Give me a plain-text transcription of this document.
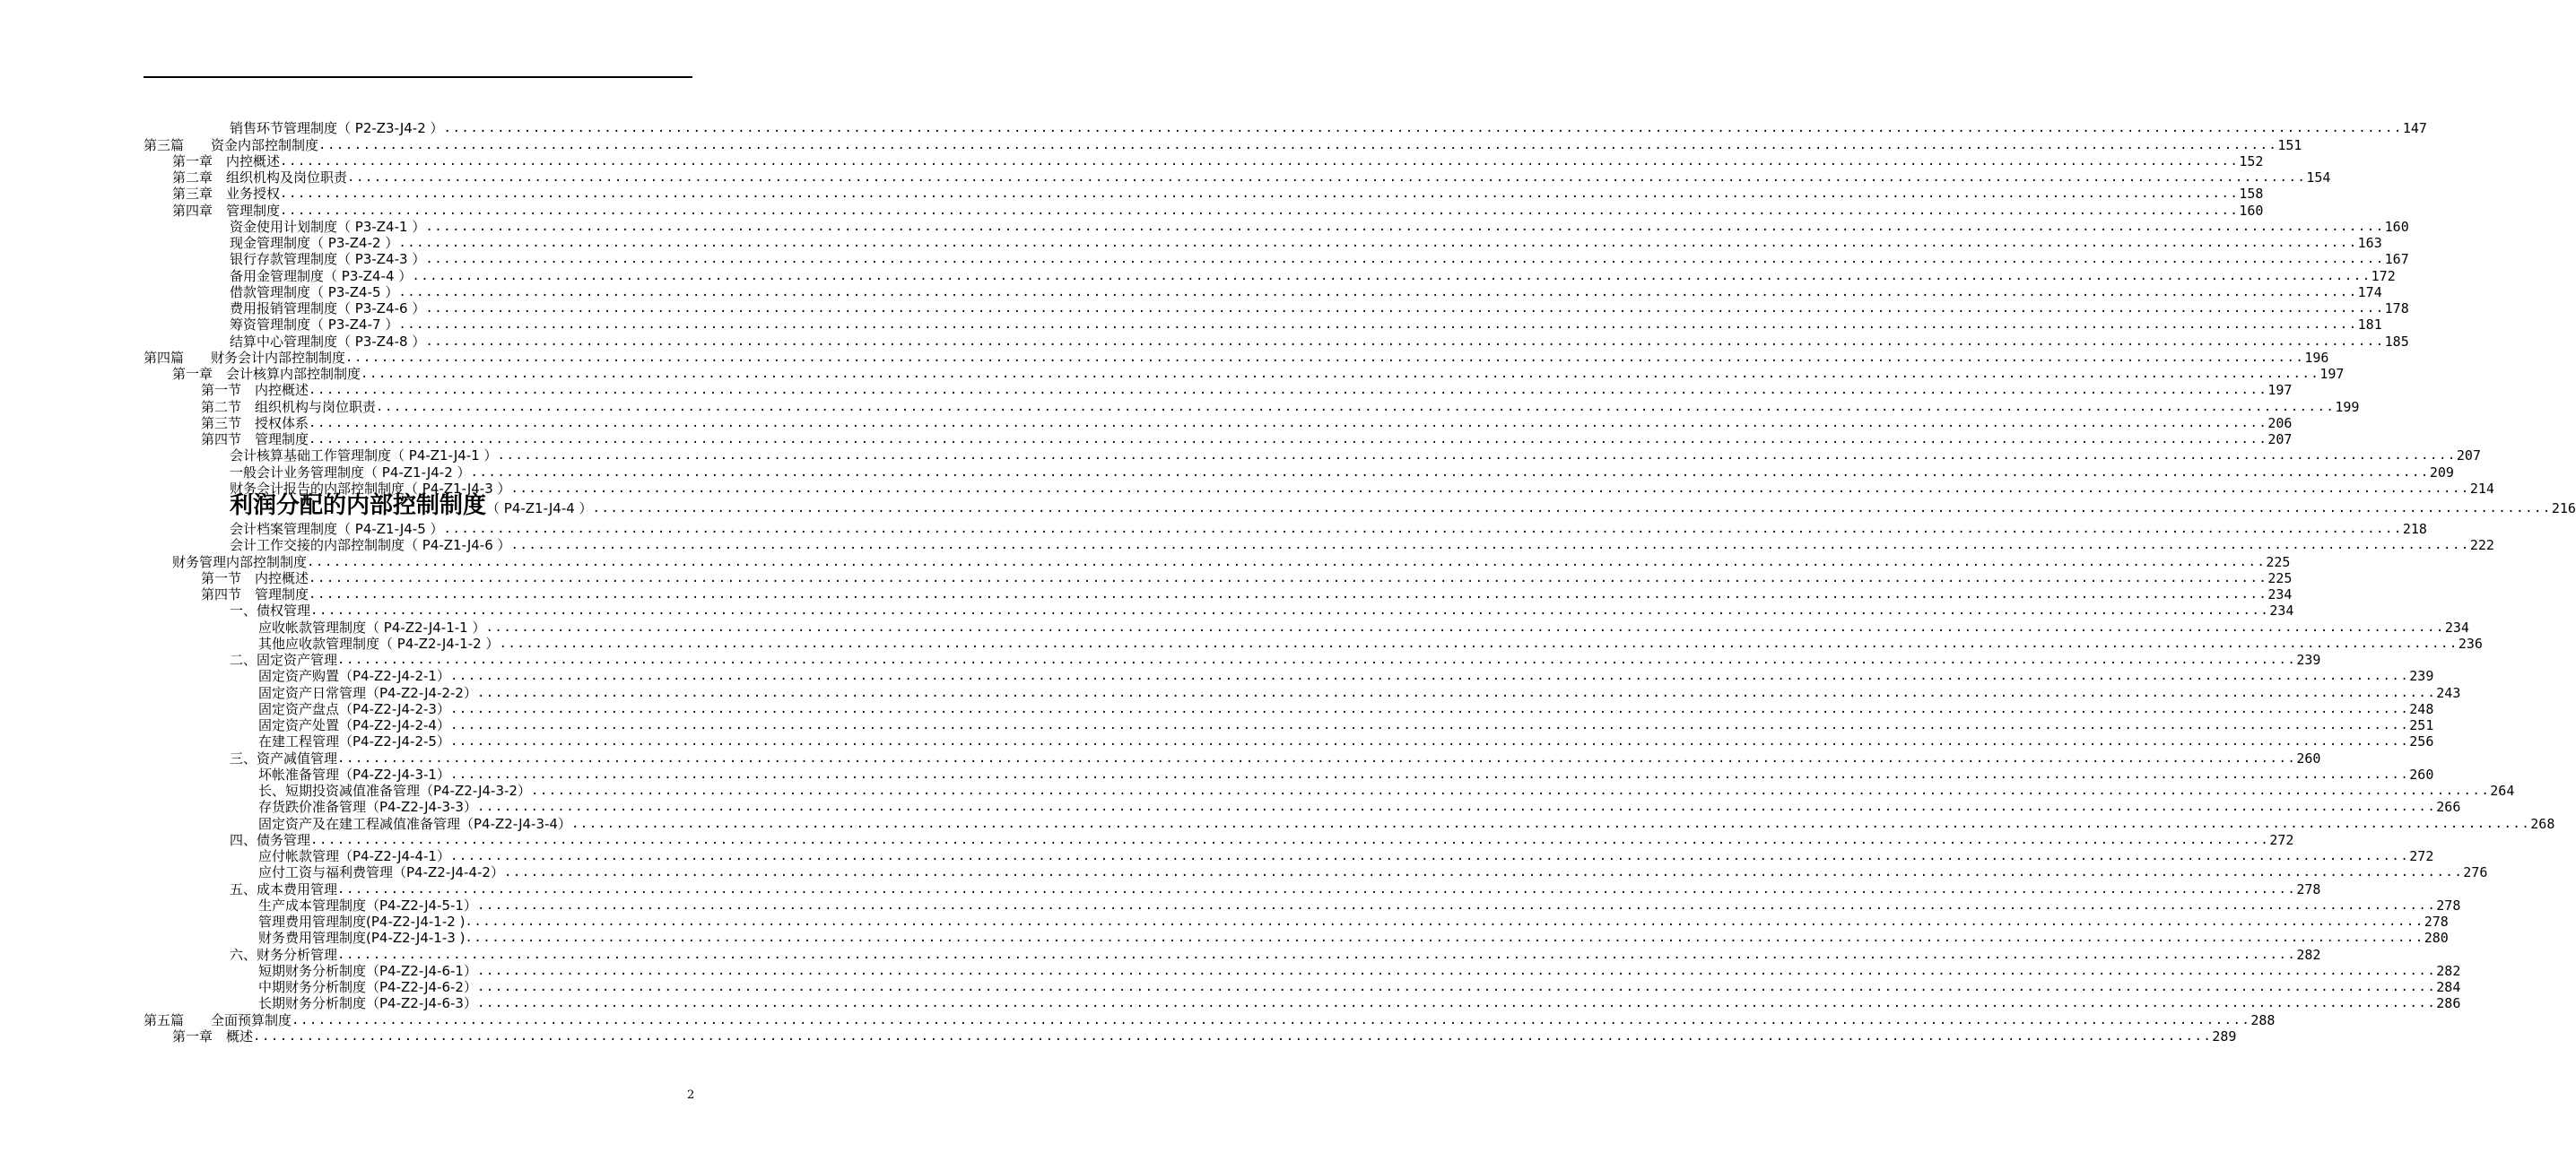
销售环节管理制度（ P2-Z3-J4-2 ） ............................................................................................................................................................................................................................ 147
第三篇　　资金内部控制制度 ............................................................................................................................................................................................................................ 151
第一章　内控概述 ............................................................................................................................................................................................................................ 152
第二章　组织机构及岗位职责 ............................................................................................................................................................................................................................ 154
第三章　业务授权 ............................................................................................................................................................................................................................ 158
第四章　管理制度 ............................................................................................................................................................................................................................ 160
资金使用计划制度（ P3-Z4-1 ） ............................................................................................................................................................................................................................ 160
现金管理制度（ P3-Z4-2 ） ............................................................................................................................................................................................................................ 163
银行存款管理制度（ P3-Z4-3 ） ............................................................................................................................................................................................................................ 167
备用金管理制度（ P3-Z4-4 ） ............................................................................................................................................................................................................................ 172
借款管理制度（ P3-Z4-5 ） ............................................................................................................................................................................................................................ 174
费用报销管理制度（ P3-Z4-6 ） ............................................................................................................................................................................................................................ 178
筹资管理制度（ P3-Z4-7 ） ............................................................................................................................................................................................................................ 181
结算中心管理制度（ P3-Z4-8 ） ............................................................................................................................................................................................................................ 185
第四篇　　财务会计内部控制制度 ............................................................................................................................................................................................................................ 196
第一章　会计核算内部控制制度 ............................................................................................................................................................................................................................ 197
第一节　内控概述 ............................................................................................................................................................................................................................ 197
第二节　组织机构与岗位职责 ............................................................................................................................................................................................................................ 199
第三节　授权体系 ............................................................................................................................................................................................................................ 206
第四节　管理制度 ............................................................................................................................................................................................................................ 207
会计核算基础工作管理制度（ P4-Z1-J4-1 ） ............................................................................................................................................................................................................................ 207
一般会计业务管理制度（ P4-Z1-J4-2 ） ............................................................................................................................................................................................................................ 209
财务会计报告的内部控制制度（ P4-Z1-J4-3 ） ............................................................................................................................................................................................................................ 214
利润分配的内部控制制度（ P4-Z1-J4-4 ） ............................................................................................................................................................................................................................ 216
会计档案管理制度（ P4-Z1-J4-5 ） ............................................................................................................................................................................................................................ 218
会计工作交接的内部控制制度（ P4-Z1-J4-6 ） ............................................................................................................................................................................................................................ 222
财务管理内部控制制度 ............................................................................................................................................................................................................................ 225
第一节　内控概述 ............................................................................................................................................................................................................................ 225
第四节　管理制度 ............................................................................................................................................................................................................................ 234
一、债权管理 ............................................................................................................................................................................................................................ 234
应收帐款管理制度（ P4-Z2-J4-1-1 ） ............................................................................................................................................................................................................................ 234
其他应收款管理制度（ P4-Z2-J4-1-2 ） ............................................................................................................................................................................................................................ 236
二、固定资产管理 ............................................................................................................................................................................................................................ 239
固定资产购置（P4-Z2-J4-2-1） ............................................................................................................................................................................................................................ 239
固定资产日常管理（P4-Z2-J4-2-2） ............................................................................................................................................................................................................................ 243
固定资产盘点（P4-Z2-J4-2-3） ............................................................................................................................................................................................................................ 248
固定资产处置（P4-Z2-J4-2-4） ............................................................................................................................................................................................................................ 251
在建工程管理（P4-Z2-J4-2-5） ............................................................................................................................................................................................................................ 256
三、资产减值管理 ............................................................................................................................................................................................................................ 260
坏帐准备管理（P4-Z2-J4-3-1） ............................................................................................................................................................................................................................ 260
长、短期投资减值准备管理（P4-Z2-J4-3-2） ............................................................................................................................................................................................................................ 264
存货跌价准备管理（P4-Z2-J4-3-3） ............................................................................................................................................................................................................................ 266
固定资产及在建工程减值准备管理（P4-Z2-J4-3-4） ............................................................................................................................................................................................................................ 268
四、债务管理 ............................................................................................................................................................................................................................ 272
应付帐款管理（P4-Z2-J4-4-1） ............................................................................................................................................................................................................................ 272
应付工资与福利费管理（P4-Z2-J4-4-2） ............................................................................................................................................................................................................................ 276
五、成本费用管理 ............................................................................................................................................................................................................................ 278
生产成本管理制度（P4-Z2-J4-5-1） ............................................................................................................................................................................................................................ 278
管理费用管理制度(P4-Z2-J4-1-2 ) ............................................................................................................................................................................................................................ 278
财务费用管理制度(P4-Z2-J4-1-3 ) ............................................................................................................................................................................................................................ 280
六、财务分析管理 ............................................................................................................................................................................................................................ 282
短期财务分析制度（P4-Z2-J4-6-1） ............................................................................................................................................................................................................................ 282
中期财务分析制度（P4-Z2-J4-6-2） ............................................................................................................................................................................................................................ 284
长期财务分析制度（P4-Z2-J4-6-3） ............................................................................................................................................................................................................................ 286
第五篇　　全面预算制度 ............................................................................................................................................................................................................................ 288
第一章　概述 ............................................................................................................................................................................................................................ 289
2
